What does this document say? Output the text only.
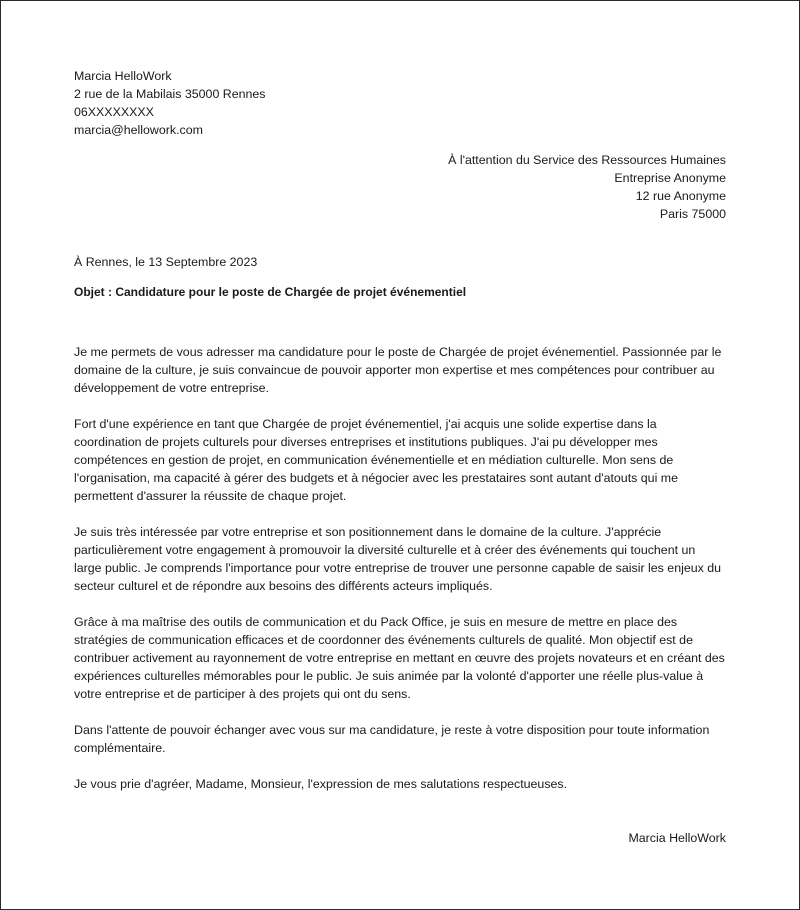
Marcia HelloWork
2 rue de la Mabilais 35000 Rennes
06XXXXXXXX
marcia@hellowork.com
À l'attention du Service des Ressources Humaines
Entreprise Anonyme
12 rue Anonyme
Paris 75000
À Rennes, le 13 Septembre 2023
Objet : Candidature pour le poste de Chargée de projet événementiel

Je me permets de vous adresser ma candidature pour le poste de Chargée de projet événementiel. Passionnée par le domaine de la culture, je suis convaincue de pouvoir apporter mon expertise et mes compétences pour contribuer au développement de votre entreprise.

Fort d'une expérience en tant que Chargée de projet événementiel, j'ai acquis une solide expertise dans la coordination de projets culturels pour diverses entreprises et institutions publiques. J'ai pu développer mes compétences en gestion de projet, en communication événementielle et en médiation culturelle. Mon sens de l'organisation, ma capacité à gérer des budgets et à négocier avec les prestataires sont autant d'atouts qui me permettent d'assurer la réussite de chaque projet.

Je suis très intéressée par votre entreprise et son positionnement dans le domaine de la culture. J'apprécie particulièrement votre engagement à promouvoir la diversité culturelle et à créer des événements qui touchent un large public. Je comprends l'importance pour votre entreprise de trouver une personne capable de saisir les enjeux du secteur culturel et de répondre aux besoins des différents acteurs impliqués.

Grâce à ma maîtrise des outils de communication et du Pack Office, je suis en mesure de mettre en place des stratégies de communication efficaces et de coordonner des événements culturels de qualité. Mon objectif est de contribuer activement au rayonnement de votre entreprise en mettant en œuvre des projets novateurs et en créant des expériences culturelles mémorables pour le public. Je suis animée par la volonté d'apporter une réelle plus-value à votre entreprise et de participer à des projets qui ont du sens.

Dans l'attente de pouvoir échanger avec vous sur ma candidature, je reste à votre disposition pour toute information complémentaire.

Je vous prie d'agréer, Madame, Monsieur, l'expression de mes salutations respectueuses.

Marcia HelloWork
